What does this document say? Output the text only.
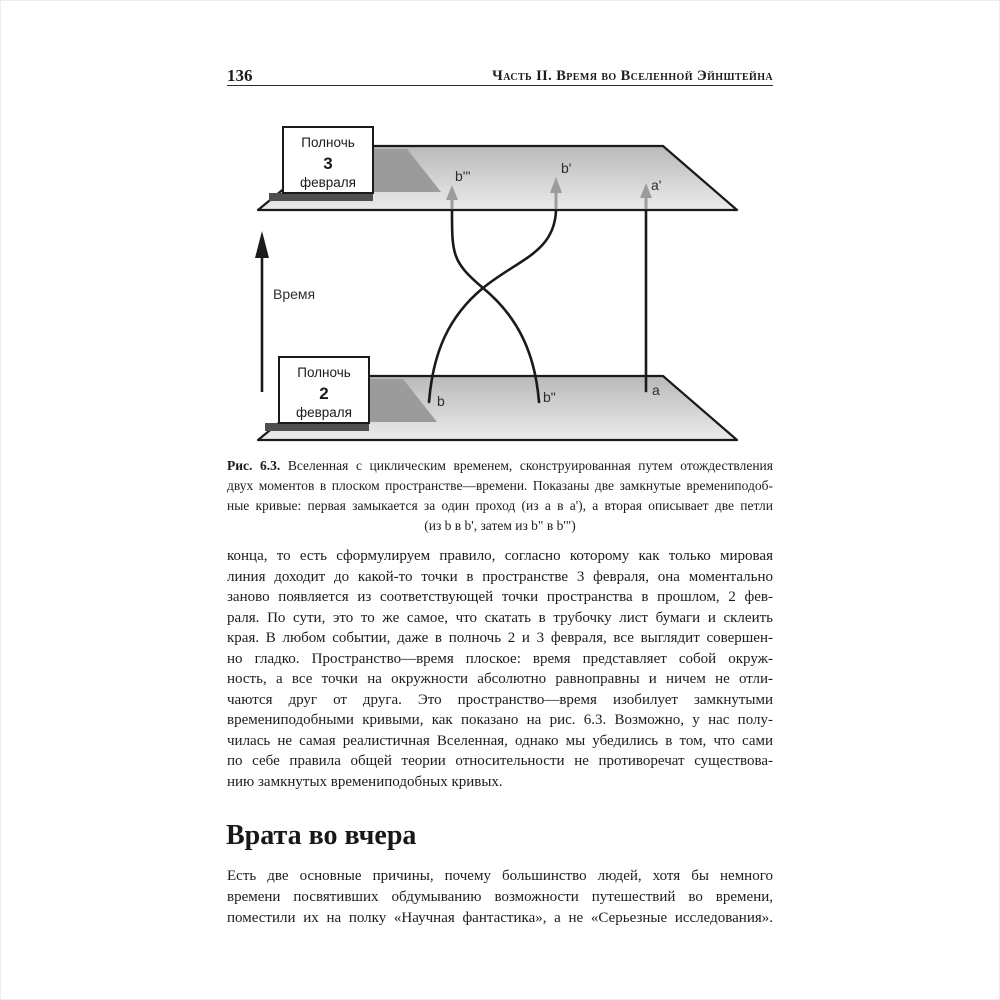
136	Часть II. Время во Вселенной Эйнштейна
Полночь
3
февраля
Полночь
2
февраля
Время
b'"	b'
a'
b	b"	a
Рис. 6.3. Вселенная с циклическим временем, сконструированная путем отождествления
двух моментов в плоском пространстве—времени. Показаны две замкнутые времениподоб-
ные кривые: первая замыкается за один проход (из a в a'), а вторая описывает две петли
(из b в b', затем из b" в b'")
конца, то есть сформулируем правило, согласно которому как только мировая
линия доходит до какой-то точки в пространстве 3 февраля, она моментально
заново появляется из соответствующей точки пространства в прошлом, 2 фев-
раля. По сути, это то же самое, что скатать в трубочку лист бумаги и склеить
края. В любом событии, даже в полночь 2 и 3 февраля, все выглядит совершен-
но гладко. Пространство—время плоское: время представляет собой окруж-
ность, а все точки на окружности абсолютно равноправны и ничем не отли-
чаются друг от друга. Это пространство—время изобилует замкнутыми
времениподобными кривыми, как показано на рис. 6.3. Возможно, у нас полу-
чилась не самая реалистичная Вселенная, однако мы убедились в том, что сами
по себе правила общей теории относительности не противоречат существова-
нию замкнутых времениподобных кривых.
Врата во вчера
Есть две основные причины, почему большинство людей, хотя бы немного
времени посвятивших обдумыванию возможности путешествий во времени,
поместили их на полку «Научная фантастика», а не «Серьезные исследования».
